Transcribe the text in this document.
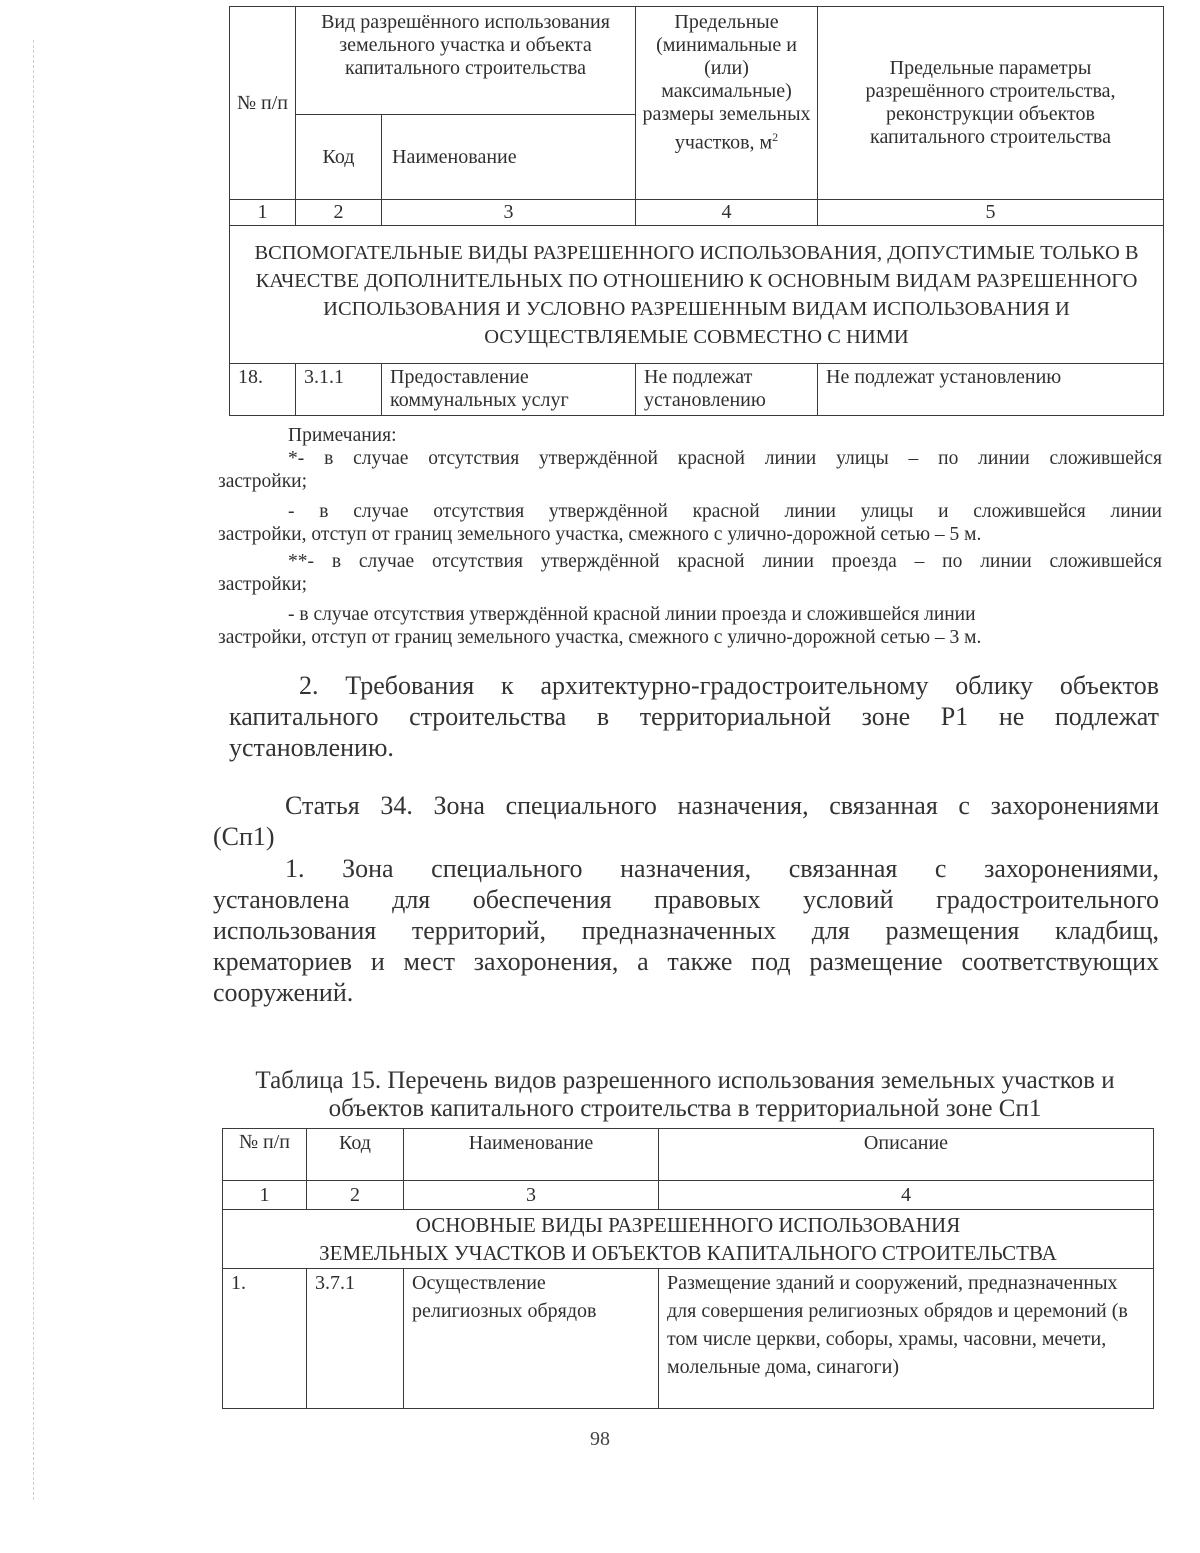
№ п/п	Вид разрешённого использования земельного участка и объекта капитального строительства		Предельные (минимальные и (или) максимальные) размеры земельных участков, $м^2$	Предельные параметры разрешённого строительства, реконструкции объектов капитального строительства
	Код	Наименование		
1	2	3	4	5
ВСПОМОГАТЕЛЬНЫЕ ВИДЫ РАЗРЕШЕННОГО ИСПОЛЬЗОВАНИЯ, ДОПУСТИМЫЕ ТОЛЬКО В КАЧЕСТВЕ ДОПОЛНИТЕЛЬНЫХ ПО ОТНОШЕНИЮ К ОСНОВНЫМ ВИДАМ РАЗРЕШЕННОГО ИСПОЛЬЗОВАНИЯ И УСЛОВНО РАЗРЕШЕННЫМ ВИДАМ ИСПОЛЬЗОВАНИЯ И ОСУЩЕСТВЛЯЕМЫЕ СОВМЕСТНО С НИМИ				
18.	3.1.1	Предоставление коммунальных услуг	Не подлежат установлению	Не подлежат установлению
Примечания:
*- в случае отсутствия утверждённой красной линии улицы – по линии сложившейся
застройки;
- в случае отсутствия утверждённой красной линии улицы и сложившейся линии
застройки, отступ от границ земельного участка, смежного с улично-дорожной сетью – 5 м.
**- в случае отсутствия утверждённой красной линии проезда – по линии сложившейся
застройки;
- в случае отсутствия утверждённой красной линии проезда и сложившейся линии
застройки, отступ от границ земельного участка, смежного с улично-дорожной сетью – 3 м.
2. Требования к архитектурно-градостроительному облику объектов
капитального строительства в территориальной зоне Р1 не подлежат
установлению.
Статья 34. Зона специального назначения, связанная с захоронениями
(Сп1)
1. Зона специального назначения, связанная с захоронениями,
установлена для обеспечения правовых условий градостроительного
использования территорий, предназначенных для размещения кладбищ,
крематориев и мест захоронения, а также под размещение соответствующих
сооружений.
Таблица 15. Перечень видов разрешенного использования земельных участков и
объектов капитального строительства в территориальной зоне Сп1
№ п/п	Код	Наименование	Описание
1	2	3	4

ОСНОВНЫЕ ВИДЫ РАЗРЕШЕННОГО ИСПОЛЬЗОВАНИЯ
ЗЕМЕЛЬНЫХ УЧАСТКОВ И ОБЪЕКТОВ КАПИТАЛЬНОГО СТРОИТЕЛЬСТВА			

1.	3.7.1	Осуществление религиозных обрядов	Размещение зданий и сооружений, предназначенных для совершения религиозных обрядов и церемоний (в том числе церкви, соборы, храмы, часовни, мечети, молельные дома, синагоги)
98
